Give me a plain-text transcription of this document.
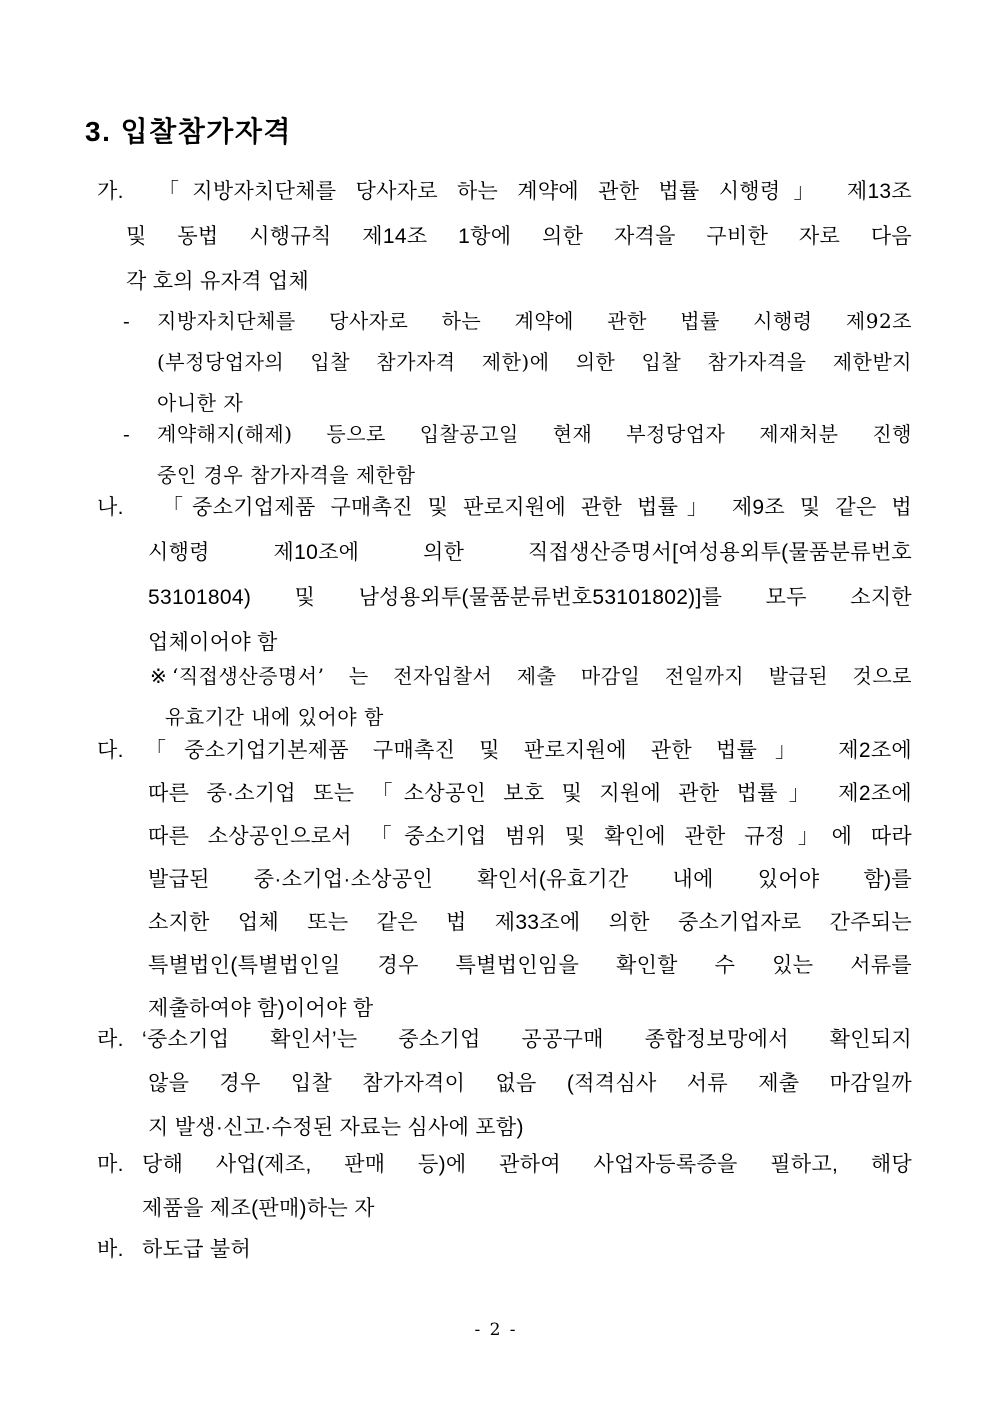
3. 입찰참가자격
가.	「지방자치단체를 당사자로 하는 계약에 관한 법률 시행령」 제13조
및 동법 시행규칙 제14조 1항에 의한 자격을 구비한 자로 다음
각 호의 유자격 업체
-	지방자치단체를 당사자로 하는 계약에 관한 법률 시행령 제92조
(부정당업자의 입찰 참가자격 제한)에 의한 입찰 참가자격을 제한받지
아니한 자
-	계약해지(해제) 등으로 입찰공고일 현재 부정당업자 제재처분 진행
중인 경우 참가자격을 제한함
나.	「중소기업제품 구매촉진 및 판로지원에 관한 법률」 제9조 및 같은 법
시행령 제10조에 의한 직접생산증명서[여성용외투(물품분류번호
53101804) 및 남성용외투(물품분류번호53101802)]를 모두 소지한
업체이어야 함
※ ‘직접생산증명서’ 는 전자입찰서 제출 마감일 전일까지 발급된 것으로
유효기간 내에 있어야 함
다.	「중소기업기본제품 구매촉진 및 판로지원에 관한 법률」 제2조에
따른 중·소기업 또는 「소상공인 보호 및 지원에 관한 법률」 제2조에
따른 소상공인으로서 「중소기업 범위 및 확인에 관한 규정」에 따라
발급된 중·소기업·소상공인 확인서(유효기간 내에 있어야 함)를
소지한 업체 또는 같은 법 제33조에 의한 중소기업자로 간주되는
특별법인(특별법인일 경우 특별법인임을 확인할 수 있는 서류를
제출하여야 함)이어야 함
라. ‘중소기업 확인서’는 중소기업 공공구매 종합정보망에서 확인되지
않을 경우 입찰 참가자격이 없음 (적격심사 서류 제출 마감일까
지 발생·신고·수정된 자료는 심사에 포함)
마. 당해 사업(제조, 판매 등)에 관하여 사업자등록증을 필하고, 해당
제품을 제조(판매)하는 자
바. 하도급 불허
- 2 -
